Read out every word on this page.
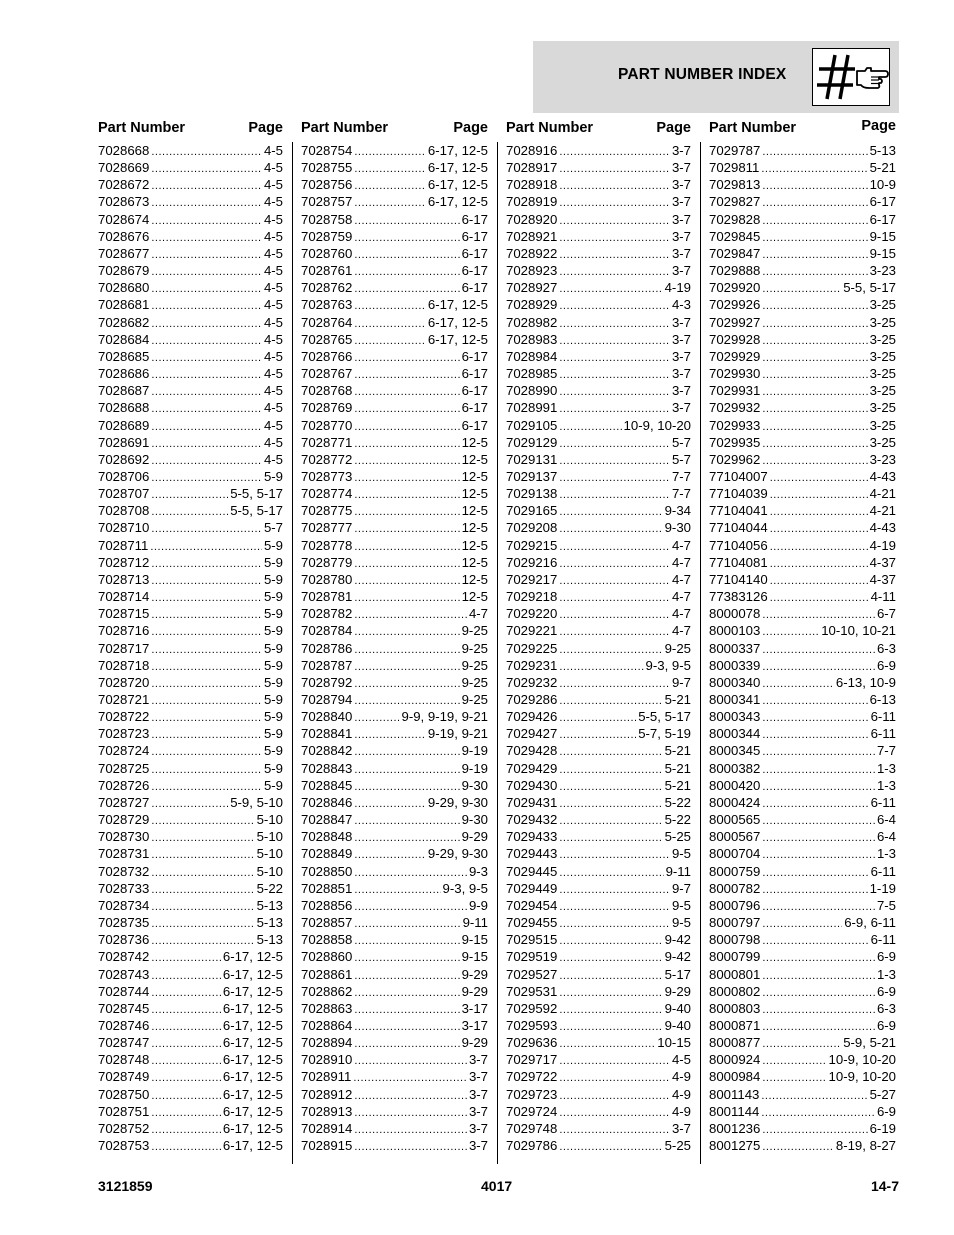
PART NUMBER INDEX
Part Number	Page
7028668 .....	4-5
7028669 .....	4-5
7028672 .....	4-5
7028673 .....	4-5
7028674 .....	4-5
7028676 .....	4-5
7028677 .....	4-5
7028679 .....	4-5
7028680 .....	4-5
7028681 .....	4-5
7028682 .....	4-5
7028684 .....	4-5
7028685 .....	4-5
7028686 .....	4-5
7028687 .....	4-5
7028688 .....	4-5
7028689 .....	4-5
7028691 .....	4-5
7028692 .....	4-5
7028706 .....	5-9
7028707 .....	5-5, 5-17
7028708 .....	5-5, 5-17
7028710 .....	5-7
7028711 .....	5-9
7028712 .....	5-9
7028713 .....	5-9
7028714 .....	5-9
7028715 .....	5-9
7028716 .....	5-9
7028717 .....	5-9
7028718 .....	5-9
7028720 .....	5-9
7028721 .....	5-9
7028722 .....	5-9
7028723 .....	5-9
7028724 .....	5-9
7028725 .....	5-9
7028726 .....	5-9
7028727 .....	5-9, 5-10
7028729 .....	5-10
7028730 .....	5-10
7028731 .....	5-10
7028732 .....	5-10
7028733 .....	5-22
7028734 .....	5-13
7028735 .....	5-13
7028736 .....	5-13
7028742 .....	6-17, 12-5
7028743 .....	6-17, 12-5
7028744 .....	6-17, 12-5
7028745 .....	6-17, 12-5
7028746 .....	6-17, 12-5
7028747 .....	6-17, 12-5
7028748 .....	6-17, 12-5
7028749 .....	6-17, 12-5
7028750 .....	6-17, 12-5
7028751 .....	6-17, 12-5
7028752 .....	6-17, 12-5
7028753 .....	6-17, 12-5
Part Number	Page
7028754 .....	6-17, 12-5
7028755 .....	6-17, 12-5
7028756 .....	6-17, 12-5
7028757 .....	6-17, 12-5
7028758 .....	6-17
7028759 .....	6-17
7028760 .....	6-17
7028761 .....	6-17
7028762 .....	6-17
7028763 .....	6-17, 12-5
7028764 .....	6-17, 12-5
7028765 .....	6-17, 12-5
7028766 .....	6-17
7028767 .....	6-17
7028768 .....	6-17
7028769 .....	6-17
7028770 .....	6-17
7028771 .....	12-5
7028772 .....	12-5
7028773 .....	12-5
7028774 .....	12-5
7028775 .....	12-5
7028777 .....	12-5
7028778 .....	12-5
7028779 .....	12-5
7028780 .....	12-5
7028781 .....	12-5
7028782 .....	4-7
7028784 .....	9-25
7028786 .....	9-25
7028787 .....	9-25
7028792 .....	9-25
7028794 .....	9-25
7028840 .....	9-9, 9-19, 9-21
7028841 .....	9-19, 9-21
7028842 .....	9-19
7028843 .....	9-19
7028845 .....	9-30
7028846 .....	9-29, 9-30
7028847 .....	9-30
7028848 .....	9-29
7028849 .....	9-29, 9-30
7028850 .....	9-3
7028851 .....	9-3, 9-5
7028856 .....	9-9
7028857 .....	9-11
7028858 .....	9-15
7028860 .....	9-15
7028861 .....	9-29
7028862 .....	9-29
7028863 .....	3-17
7028864 .....	3-17
7028894 .....	9-29
7028910 .....	3-7
7028911 .....	3-7
7028912 .....	3-7
7028913 .....	3-7
7028914 .....	3-7
7028915 .....	3-7
Part Number	Page
7028916 .....	3-7
7028917 .....	3-7
7028918 .....	3-7
7028919 .....	3-7
7028920 .....	3-7
7028921 .....	3-7
7028922 .....	3-7
7028923 .....	3-7
7028927 .....	4-19
7028929 .....	4-3
7028982 .....	3-7
7028983 .....	3-7
7028984 .....	3-7
7028985 .....	3-7
7028990 .....	3-7
7028991 .....	3-7
7029105 .....	10-9, 10-20
7029129 .....	5-7
7029131 .....	5-7
7029137 .....	7-7
7029138 .....	7-7
7029165 .....	9-34
7029208 .....	9-30
7029215 .....	4-7
7029216 .....	4-7
7029217 .....	4-7
7029218 .....	4-7
7029220 .....	4-7
7029221 .....	4-7
7029225 .....	9-25
7029231 .....	9-3, 9-5
7029232 .....	9-7
7029286 .....	5-21
7029426 .....	5-5, 5-17
7029427 .....	5-7, 5-19
7029428 .....	5-21
7029429 .....	5-21
7029430 .....	5-21
7029431 .....	5-22
7029432 .....	5-22
7029433 .....	5-25
7029443 .....	9-5
7029445 .....	9-11
7029449 .....	9-7
7029454 .....	9-5
7029455 .....	9-5
7029515 .....	9-42
7029519 .....	9-42
7029527 .....	5-17
7029531 .....	9-29
7029592 .....	9-40
7029593 .....	9-40
7029636 .....	10-15
7029717 .....	4-5
7029722 .....	4-9
7029723 .....	4-9
7029724 .....	4-9
7029748 .....	3-7
7029786 .....	5-25
Part Number	Page
7029787 .....	5-13
7029811 .....	5-21
7029813 .....	10-9
7029827 .....	6-17
7029828 .....	6-17
7029845 .....	9-15
7029847 .....	9-15
7029888 .....	3-23
7029920 .....	5-5, 5-17
7029926 .....	3-25
7029927 .....	3-25
7029928 .....	3-25
7029929 .....	3-25
7029930 .....	3-25
7029931 .....	3-25
7029932 .....	3-25
7029933 .....	3-25
7029935 .....	3-25
7029962 .....	3-23
77104007 .....	4-43
77104039 .....	4-21
77104041 .....	4-21
77104044 .....	4-43
77104056 .....	4-19
77104081 .....	4-37
77104140 .....	4-37
77383126 .....	4-11
8000078 .....	6-7
8000103 .....	10-10, 10-21
8000337 .....	6-3
8000339 .....	6-9
8000340 .....	6-13, 10-9
8000341 .....	6-13
8000343 .....	6-11
8000344 .....	6-11
8000345 .....	7-7
8000382 .....	1-3
8000420 .....	1-3
8000424 .....	6-11
8000565 .....	6-4
8000567 .....	6-4
8000704 .....	1-3
8000759 .....	6-11
8000782 .....	1-19
8000796 .....	7-5
8000797 .....	6-9, 6-11
8000798 .....	6-11
8000799 .....	6-9
8000801 .....	1-3
8000802 .....	6-9
8000803 .....	6-3
8000871 .....	6-9
8000877 .....	5-9, 5-21
8000924 .....	10-9, 10-20
8000984 .....	10-9, 10-20
8001143 .....	5-27
8001144 .....	6-9
8001236 .....	6-19
8001275 .....	8-19, 8-27
3121859	4017	14-7
